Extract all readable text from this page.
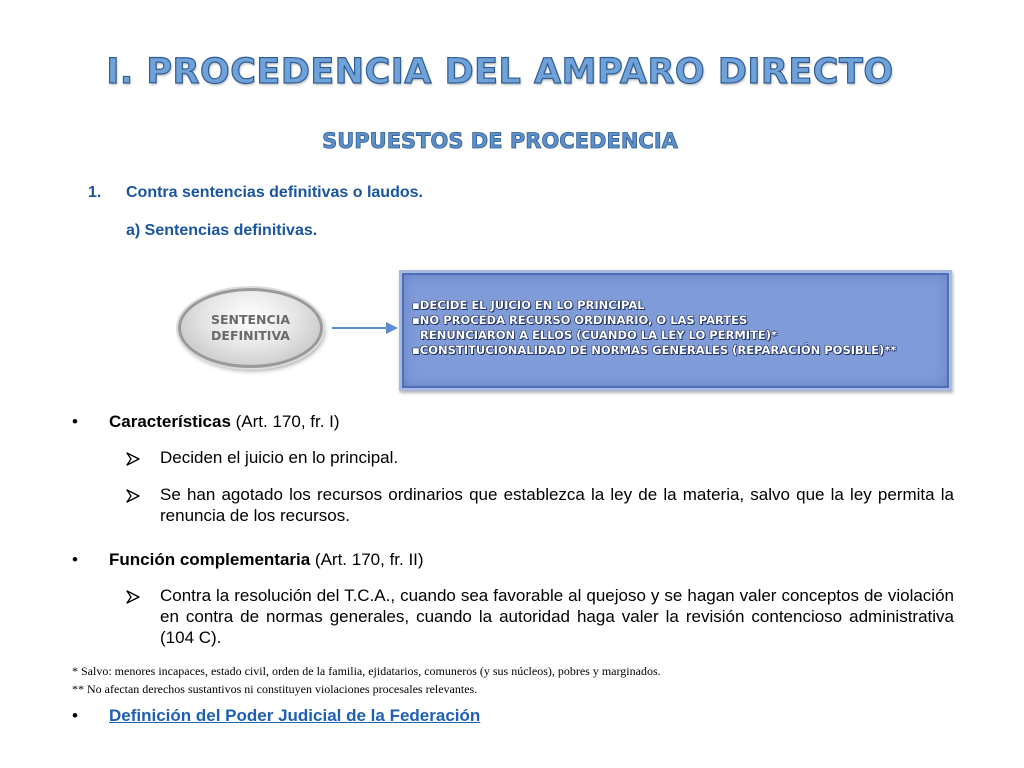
I. PROCEDENCIA DEL AMPARO DIRECTO
SUPUESTOS DE PROCEDENCIA
1. Contra sentencias definitivas o laudos.
a) Sentencias definitivas.
SENTENCIA
DEFINITIVA
▪DECIDE EL JUICIO EN LO PRINCIPAL
▪NO PROCEDA RECURSO ORDINARIO, O LAS PARTES
RENUNCIARON A ELLOS (CUANDO LA LEY LO PERMITE)*
▪CONSTITUCIONALIDAD DE NORMAS GENERALES (REPARACIÓN POSIBLE)**
•	Características (Art. 170, fr. I)
Deciden el juicio en lo principal.
Se han agotado los recursos ordinarios que establezca la ley de la materia, salvo que la ley permita la renuncia de los recursos.
•	Función complementaria (Art. 170, fr. II)
Contra la resolución del T.C.A., cuando sea favorable al quejoso y se hagan valer conceptos de violación en contra de normas generales, cuando la autoridad haga valer la revisión contencioso administrativa (104 C).
* Salvo: menores incapaces, estado civil, orden de la familia, ejidatarios, comuneros (y sus núcleos), pobres y marginados.
** No afectan derechos sustantivos ni constituyen violaciones procesales relevantes.
•	Definición del Poder Judicial de la Federación
